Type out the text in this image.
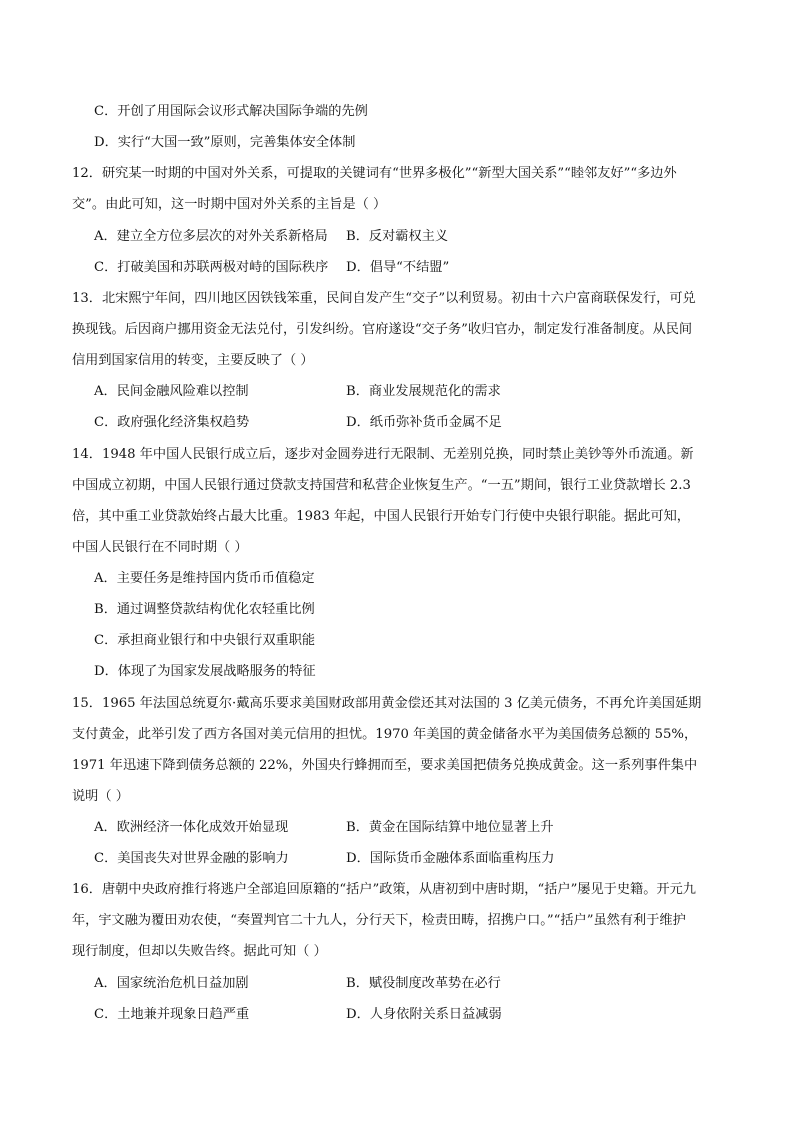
C．开创了用国际会议形式解决国际争端的先例
D．实行“大国一致”原则，完善集体安全体制
12．研究某一时期的中国对外关系，可提取的关键词有“世界多极化”“新型大国关系”“睦邻友好”“多边外
交”。由此可知，这一时期中国对外关系的主旨是（ ）
A．建立全方位多层次的对外关系新格局 B．反对霸权主义
C．打破美国和苏联两极对峙的国际秩序 D．倡导“不结盟”
13．北宋熙宁年间，四川地区因铁钱笨重，民间自发产生“交子”以利贸易。初由十六户富商联保发行，可兑
换现钱。后因商户挪用资金无法兑付，引发纠纷。官府遂设“交子务”收归官办，制定发行准备制度。从民间
信用到国家信用的转变，主要反映了（ ）
A．民间金融风险难以控制	B．商业发展规范化的需求
C．政府强化经济集权趋势	D．纸币弥补货币金属不足
14．1948 年中国人民银行成立后，逐步对金圆券进行无限制、无差别兑换，同时禁止美钞等外币流通。新
中国成立初期，中国人民银行通过贷款支持国营和私营企业恢复生产。“一五”期间，银行工业贷款增长 2.3
倍，其中重工业贷款始终占最大比重。1983 年起，中国人民银行开始专门行使中央银行职能。据此可知，
中国人民银行在不同时期（ ）
A．主要任务是维持国内货币币值稳定
B．通过调整贷款结构优化农轻重比例
C．承担商业银行和中央银行双重职能
D．体现了为国家发展战略服务的特征
15．1965 年法国总统夏尔·戴高乐要求美国财政部用黄金偿还其对法国的 3 亿美元债务，不再允许美国延期
支付黄金，此举引发了西方各国对美元信用的担忧。1970 年美国的黄金储备水平为美国债务总额的 55%，
1971 年迅速下降到债务总额的 22%，外国央行蜂拥而至，要求美国把债务兑换成黄金。这一系列事件集中
说明（ ）
A．欧洲经济一体化成效开始显现	B．黄金在国际结算中地位显著上升
C．美国丧失对世界金融的影响力	D．国际货币金融体系面临重构压力
16．唐朝中央政府推行将逃户全部追回原籍的“括户”政策，从唐初到中唐时期，“括户”屡见于史籍。开元九
年，宇文融为覆田劝农使，“奏置判官二十九人，分行天下，检责田畴，招携户口。”“括户”虽然有利于维护
现行制度，但却以失败告终。据此可知（ ）
A．国家统治危机日益加剧	B．赋役制度改革势在必行
C．土地兼并现象日趋严重	D．人身依附关系日益减弱
